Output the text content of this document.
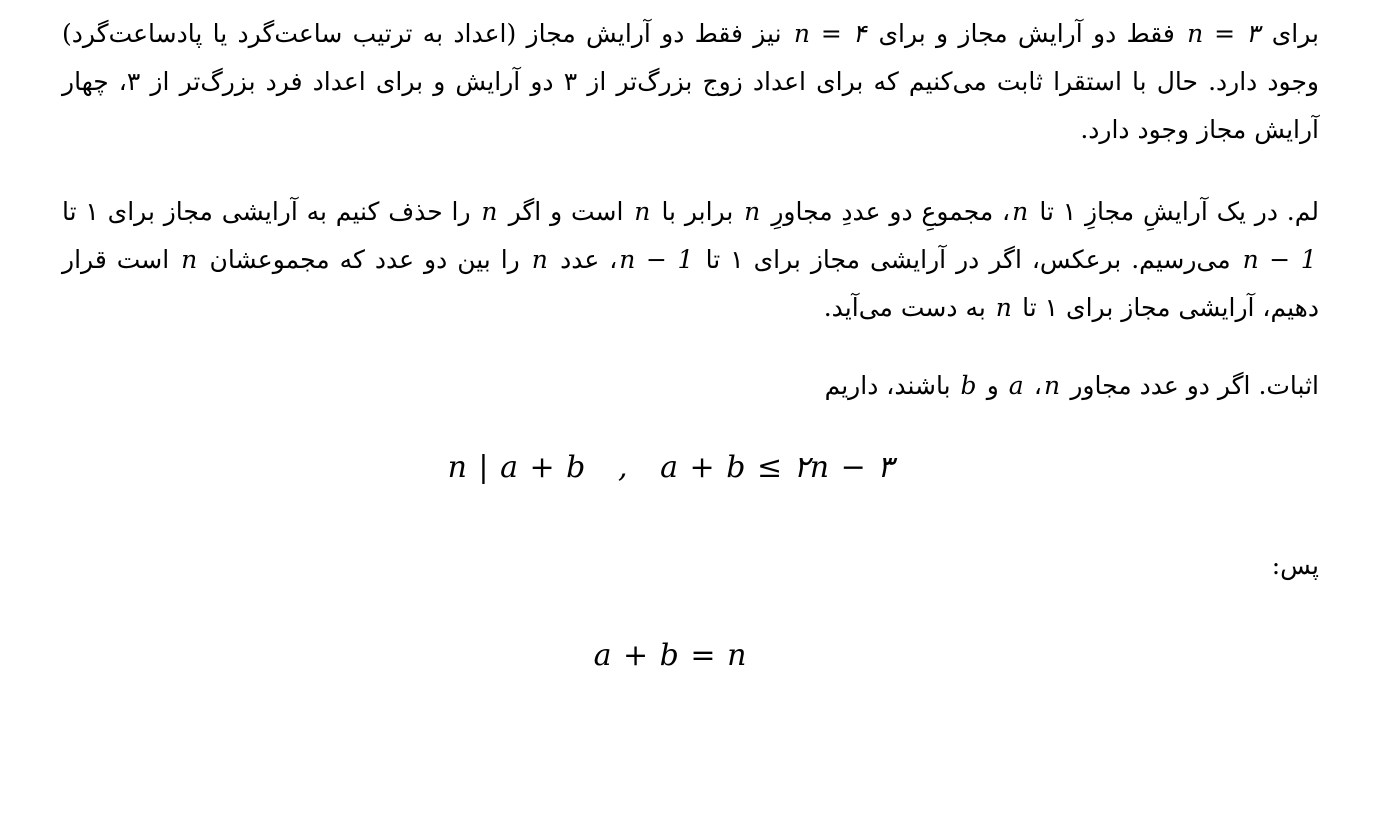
برای n = ٣ فقط دو آرایش مجاز و برای n = ۴ نیز فقط دو آرایش مجاز (اعداد به ترتیب ساعت‌گرد یا پادساعت‌گرد) وجود دارد. حال با استقرا ثابت می‌کنیم که برای اعداد زوج بزرگ‌تر از ٣ دو آرایش و برای اعداد فرد بزرگ‌تر از ٣، چهار آرایش مجاز وجود دارد.

لم. در یک آرایشِ مجازِ ١ تا n، مجموعِ دو عددِ مجاورِ n برابر با n است و اگر n را حذف کنیم به آرایشی مجاز برای ١ تا n − 1 می‌رسیم. برعکس، اگر در آرایشی مجاز برای ١ تا n − 1، عدد n را بین دو عدد که مجموعشان n است قرار دهیم، آرایشی مجاز برای ١ تا n به دست می‌آید.

اثبات. اگر دو عدد مجاور n، a و b باشند، داریم

n | a + b   ,   a + b ≤ ٢n − ٣
پس:
a + b = n
